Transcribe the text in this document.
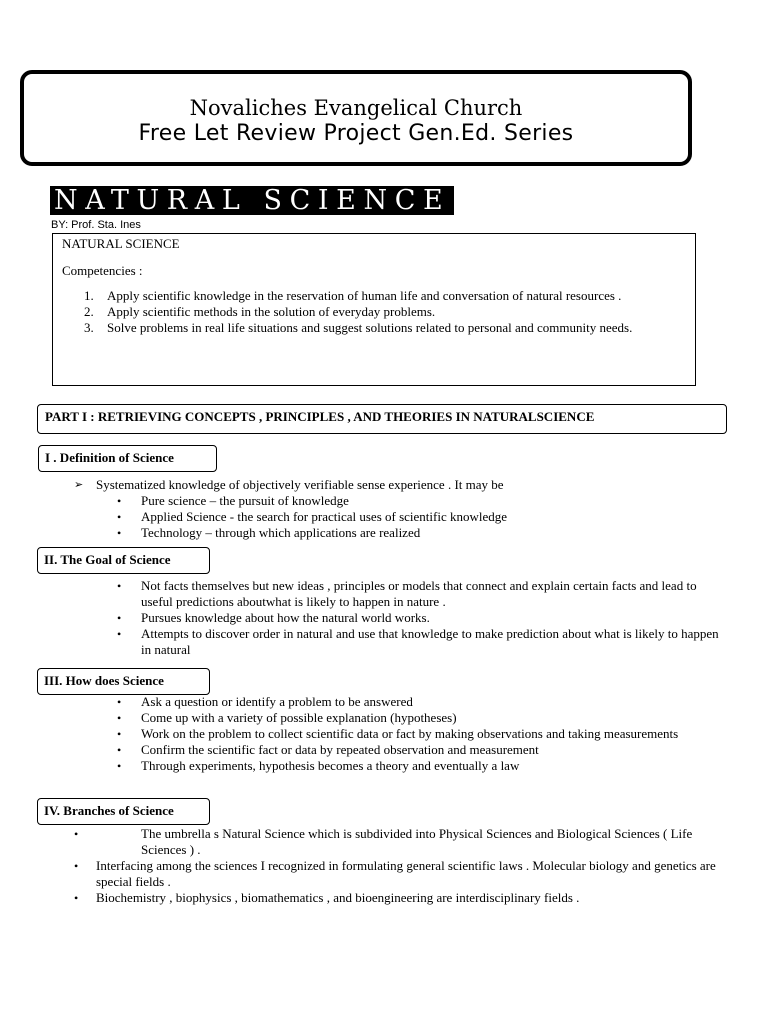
Novaliches Evangelical Church
Free Let Review Project Gen.Ed. Series
NATURAL SCIENCE
BY: Prof. Sta. Ines
NATURAL SCIENCE
Competencies :
1. Apply scientific knowledge in the reservation of human life and conversation of natural resources .
2. Apply scientific methods in the solution of everyday problems.
3. Solve problems in real life situations and suggest solutions related to personal and community needs.
PART I : RETRIEVING CONCEPTS , PRINCIPLES , AND THEORIES IN NATURALSCIENCE
I . Definition of Science
➢ Systematized knowledge of objectively verifiable sense experience . It may be
• Pure science – the pursuit of knowledge
• Applied Science - the search for practical uses of scientific knowledge
• Technology – through which applications are realized
II. The Goal of Science
• Not facts themselves but new ideas , principles or models that connect and explain certain facts and lead to useful predictions aboutwhat is likely to happen in nature .
• Pursues knowledge about how the natural world works.
• Attempts to discover order in natural and use that knowledge to make prediction about what is likely to happen in natural
III. How does Science
• Ask a question or identify a problem to be answered
• Come up with a variety of possible explanation (hypotheses)
• Work on the problem to collect scientific data or fact by making observations and taking measurements
• Confirm the scientific fact or data by repeated observation and measurement
• Through experiments, hypothesis becomes a theory and eventually a law
IV. Branches of Science
•	The umbrella s Natural Science which is subdivided into Physical Sciences and Biological Sciences ( Life Sciences ) .
• Interfacing among the sciences I recognized in formulating general scientific laws . Molecular biology and genetics are special fields .
• Biochemistry , biophysics , biomathematics , and bioengineering are interdisciplinary fields .
